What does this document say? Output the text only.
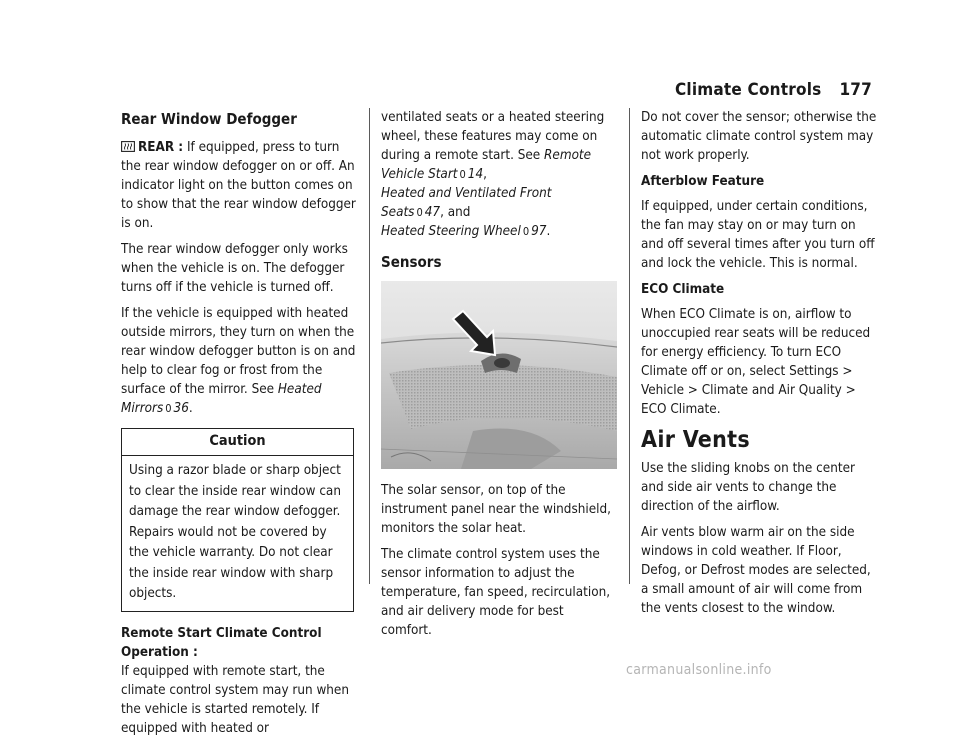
Climate Controls 177
Rear Window Defogger

REAR : If equipped, press to turn the rear window defogger on or off. An indicator light on the button comes on to show that the rear window defogger is on.

The rear window defogger only works when the vehicle is on. The defogger turns off if the vehicle is turned off.

If the vehicle is equipped with heated outside mirrors, they turn on when the rear window defogger button is on and help to clear fog or frost from the surface of the mirror. See Heated Mirrors 0 36.

Caution
Using a razor blade or sharp object to clear the inside rear window can damage the rear window defogger. Repairs would not be covered by the vehicle warranty. Do not clear the inside rear window with sharp objects.

Remote Start Climate Control Operation :
If equipped with remote start, the climate control system may run when the vehicle is started remotely. If equipped with heated or

ventilated seats or a heated steering wheel, these features may come on during a remote start. See Remote Vehicle Start 0 14,
Heated and Ventilated Front Seats 0 47, and
Heated Steering Wheel 0 97.

Sensors

The solar sensor, on top of the instrument panel near the windshield, monitors the solar heat.

The climate control system uses the sensor information to adjust the temperature, fan speed, recirculation, and air delivery mode for best comfort.

Do not cover the sensor; otherwise the automatic climate control system may not work properly.

Afterblow Feature

If equipped, under certain conditions, the fan may stay on or may turn on and off several times after you turn off and lock the vehicle. This is normal.

ECO Climate

When ECO Climate is on, airflow to unoccupied rear seats will be reduced for energy efficiency. To turn ECO Climate off or on, select Settings > Vehicle > Climate and Air Quality > ECO Climate.

Air Vents

Use the sliding knobs on the center and side air vents to change the direction of the airflow.

Air vents blow warm air on the side windows in cold weather. If Floor, Defog, or Defrost modes are selected, a small amount of air will come from the vents closest to the window.

carmanualsonline.info
